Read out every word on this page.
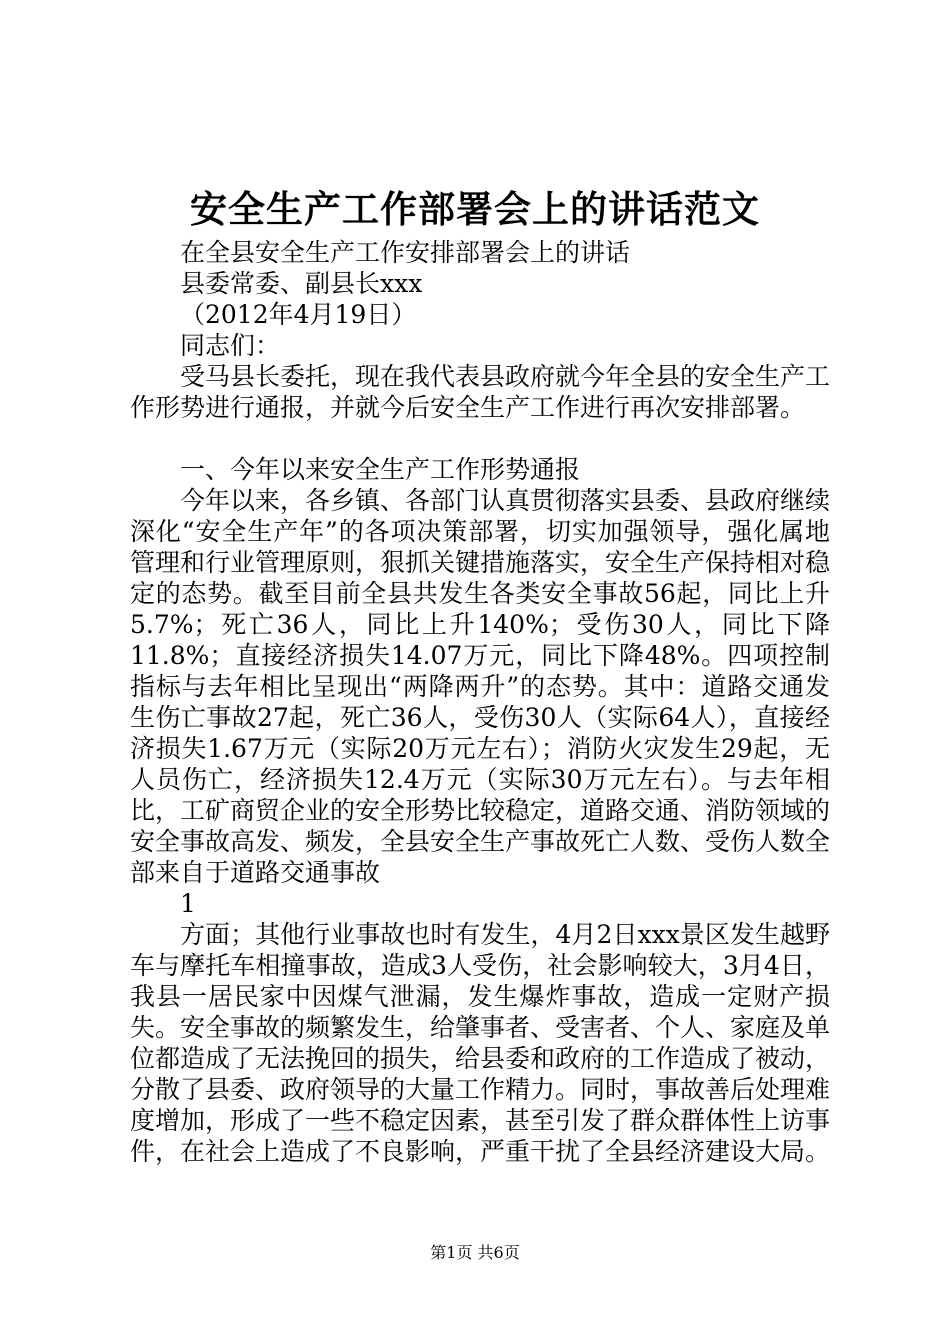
安全生产工作部署会上的讲话范文
在全县安全生产工作安排部署会上的讲话
县委常委、副县长xxx
（2012年4月19日）
同志们：
受马县长委托，现在我代表县政府就今年全县的安全生产工作形势进行通报，并就今后安全生产工作进行再次安排部署。
一、今年以来安全生产工作形势通报
今年以来，各乡镇、各部门认真贯彻落实县委、县政府继续深化“安全生产年”的各项决策部署，切实加强领导，强化属地管理和行业管理原则，狠抓关键措施落实，安全生产保持相对稳定的态势。截至目前全县共发生各类安全事故56起，同比上升5.7%；死亡36人，同比上升140%；受伤30人，同比下降11.8%；直接经济损失14.07万元，同比下降48%。四项控制指标与去年相比呈现出“两降两升”的态势。其中：道路交通发生伤亡事故27起，死亡36人，受伤30人（实际64人），直接经济损失1.67万元（实际20万元左右）；消防火灾发生29起，无人员伤亡，经济损失12.4万元（实际30万元左右）。与去年相比，工矿商贸企业的安全形势比较稳定，道路交通、消防领域的安全事故高发、频发，全县安全生产事故死亡人数、受伤人数全部来自于道路交通事故
1
方面；其他行业事故也时有发生，4月2日xxx景区发生越野车与摩托车相撞事故，造成3人受伤，社会影响较大，3月4日，我县一居民家中因煤气泄漏，发生爆炸事故，造成一定财产损失。安全事故的频繁发生，给肇事者、受害者、个人、家庭及单位都造成了无法挽回的损失，给县委和政府的工作造成了被动，分散了县委、政府领导的大量工作精力。同时，事故善后处理难度增加，形成了一些不稳定因素，甚至引发了群众群体性上访事件，在社会上造成了不良影响，严重干扰了全县经济建设大局。
第1页 共6页
